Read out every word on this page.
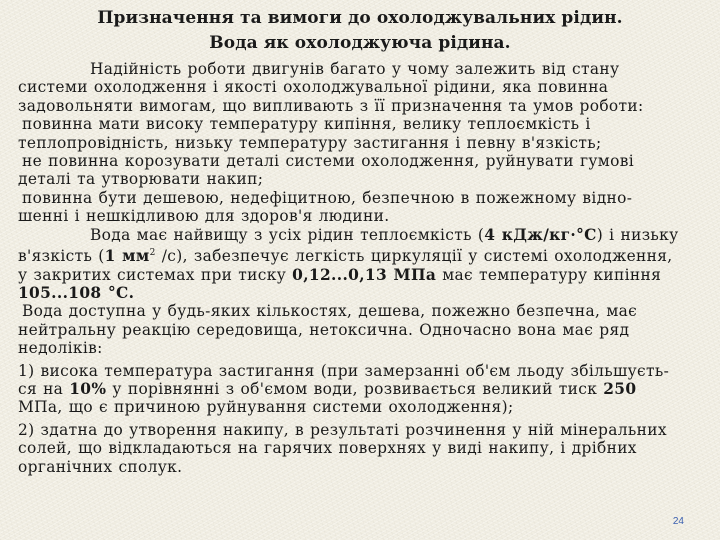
Призначення та вимоги до охолоджувальних рідин.
Вода як охолоджуюча рідина.

Надійність роботи двигунів багато у чому залежить від стану

системи охолодження і якості охолоджувальної рідини, яка повинна

задовольняти вимогам, що випливають з її призначення та умов роботи:

повинна мати високу температуру кипіння, велику теплоємкість і

теплопровідність, низьку температуру застигання і певну в'язкість;

не повинна корозувати деталі системи охолодження, руйнувати гумові

деталі та утворювати накип;

повинна бути дешевою, недефіцитною, безпечною в пожежному відно-

шенні і нешкідливою для здоров'я людини.

Вода має найвищу з усіх рідин теплоємкість (4 кДж/кг·°С) і низьку

в'язкість (1 $мм^2$ /с), забезпечує легкість циркуляції у системі охолодження,

у закритих системах при тиску 0,12...0,13 МПа має температуру кипіння

105...108 °С.

Вода доступна у будь-яких кількостях, дешева, пожежно безпечна, має

нейтральну реакцію середовища, нетоксична. Одночасно вона має ряд

недоліків:

1) висока температура застигання (при замерзанні об'єм льоду збільшуєть-

ся на 10% у порівнянні з об'ємом води, розвивається великий тиск 250

МПа, що є причиною руйнування системи охолодження);

2) здатна до утворення накипу, в результаті розчинення у ній мінеральних

солей, що відкладаються на гарячих поверхнях у виді накипу, і дрібних

органічних сполук.

24
